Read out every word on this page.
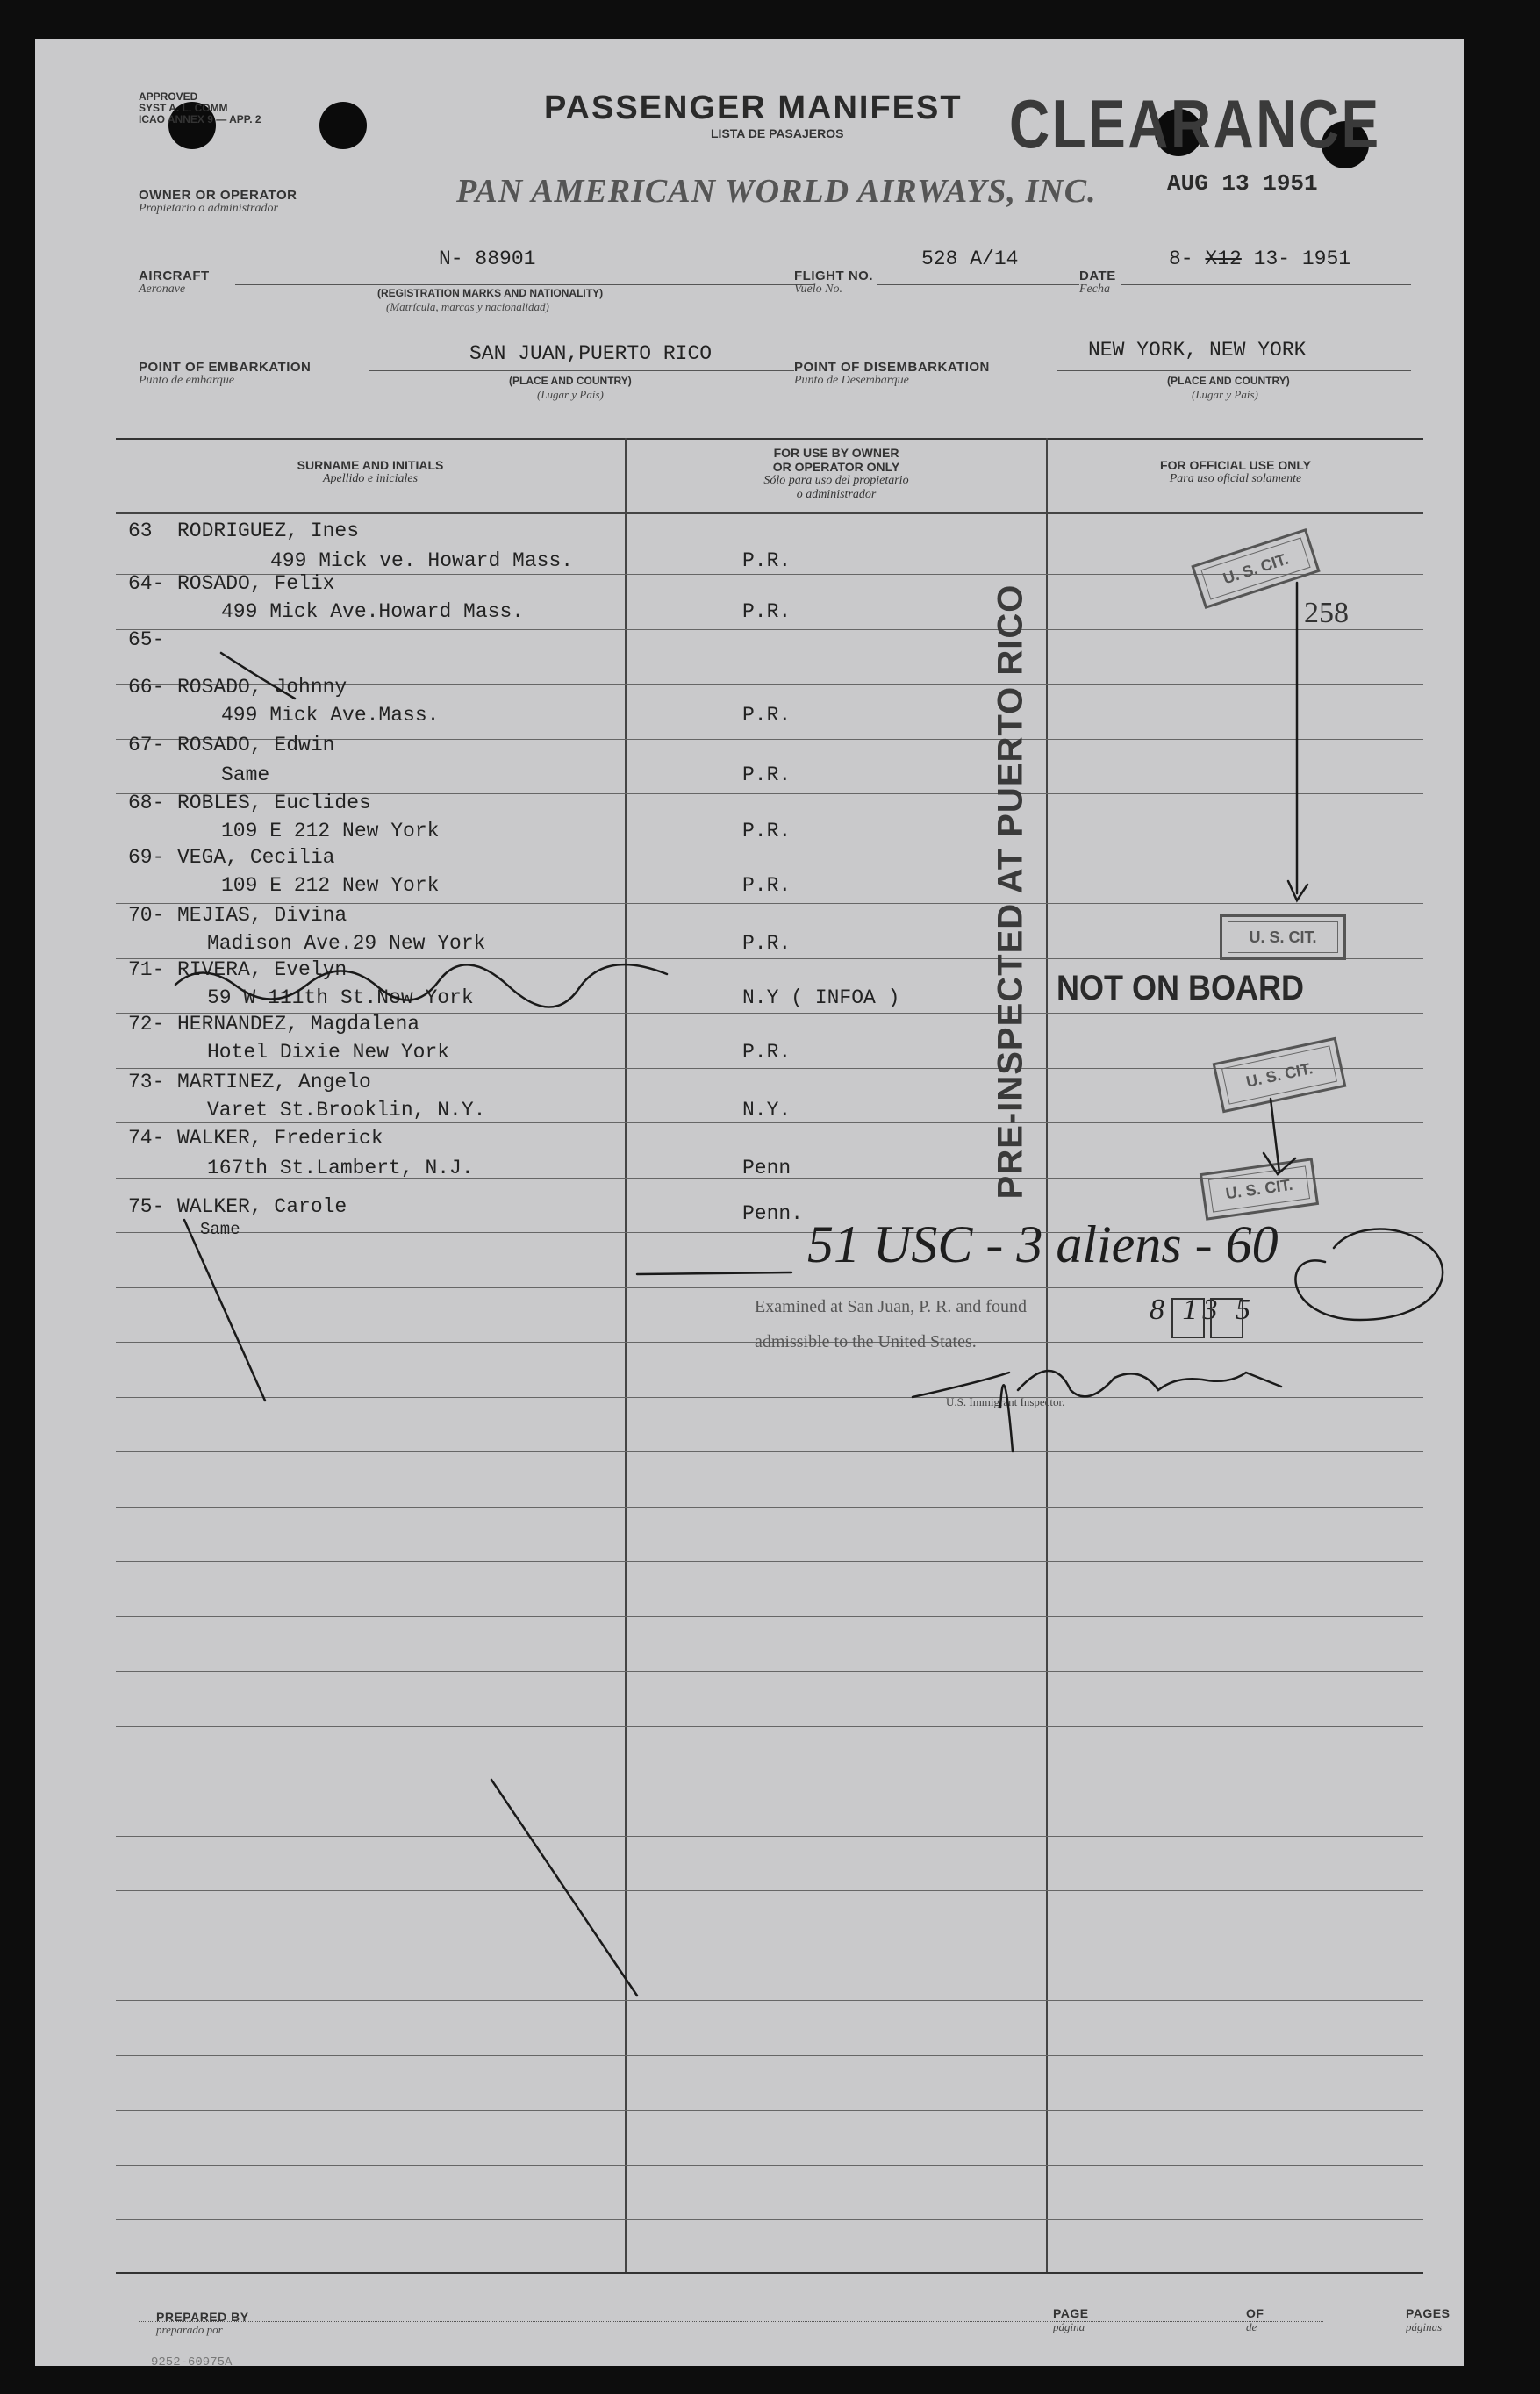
APPROVED
SYST A. L. COMM
ICAO ANNEX 9 — APP. 2	PASSENGER MANIFEST
LISTA DE PASAJEROS CLEARANCE
AUG 13 1951
OWNER OR OPERATOR
Propietario o administrador	PAN AMERICAN WORLD AIRWAYS, INC.
AIRCRAFT
Aeronave
N- 88901
(REGISTRATION MARKS AND NATIONALITY)
(Matrícula, marcas y nacionalidad)
FLIGHT NO.
Vuelo No.
528 A/14
DATE
Fecha
8- X12 13- 1951
POINT OF EMBARKATION
Punto de embarque
SAN JUAN,PUERTO RICO
(PLACE AND COUNTRY)
(Lugar y País)
POINT OF DISEMBARKATION
Punto de Desembarque
NEW YORK, NEW YORK
(PLACE AND COUNTRY)
(Lugar y País)
SURNAME AND INITIALS
Apellido e iniciales
FOR USE BY OWNER
OR OPERATOR ONLY
Sólo para uso del propietario
o administrador
FOR OFFICIAL USE ONLY
Para uso oficial solamente
63 RODRIGUEZ, Ines
499 Mick ve. Howard Mass.	P.R.
64- ROSADO, Felix
499 Mick Ave.Howard Mass.	P.R.
65-
66- ROSADO, Johnny
499 Mick Ave.Mass.	P.R.
67- ROSADO, Edwin
Same	P.R.
68- ROBLES, Euclides
109 E 212 New York	P.R.
69- VEGA, Cecilia
109 E 212 New York	P.R.
70- MEJIAS, Divina
Madison Ave.29 New York	P.R.
71- RIVERA, Evelyn
59 W 111th St.New York	N.Y ( INFOA )
72- HERNANDEZ, Magdalena
Hotel Dixie New York	P.R.
73- MARTINEZ, Angelo
Varet St.Brooklin, N.Y.	N.Y.
74- WALKER, Frederick
167th St.Lambert, N.J.	Penn
75- WALKER, Carole
Same
Penn.
PRE-INSPECTED AT PUERTO RICO
U. S. CIT.
258
U. S. CIT.
NOT ON BOARD
U. S. CIT.
U. S. CIT.
51 USC - 3 aliens - 60
Examined at San Juan, P. R. and found
admissible to the United States.
8 13 5
U.S. Immigrant Inspector.
PREPARED BY
preparado por
PAGE
página
OF
de
PAGES
páginas
9252-60975A
